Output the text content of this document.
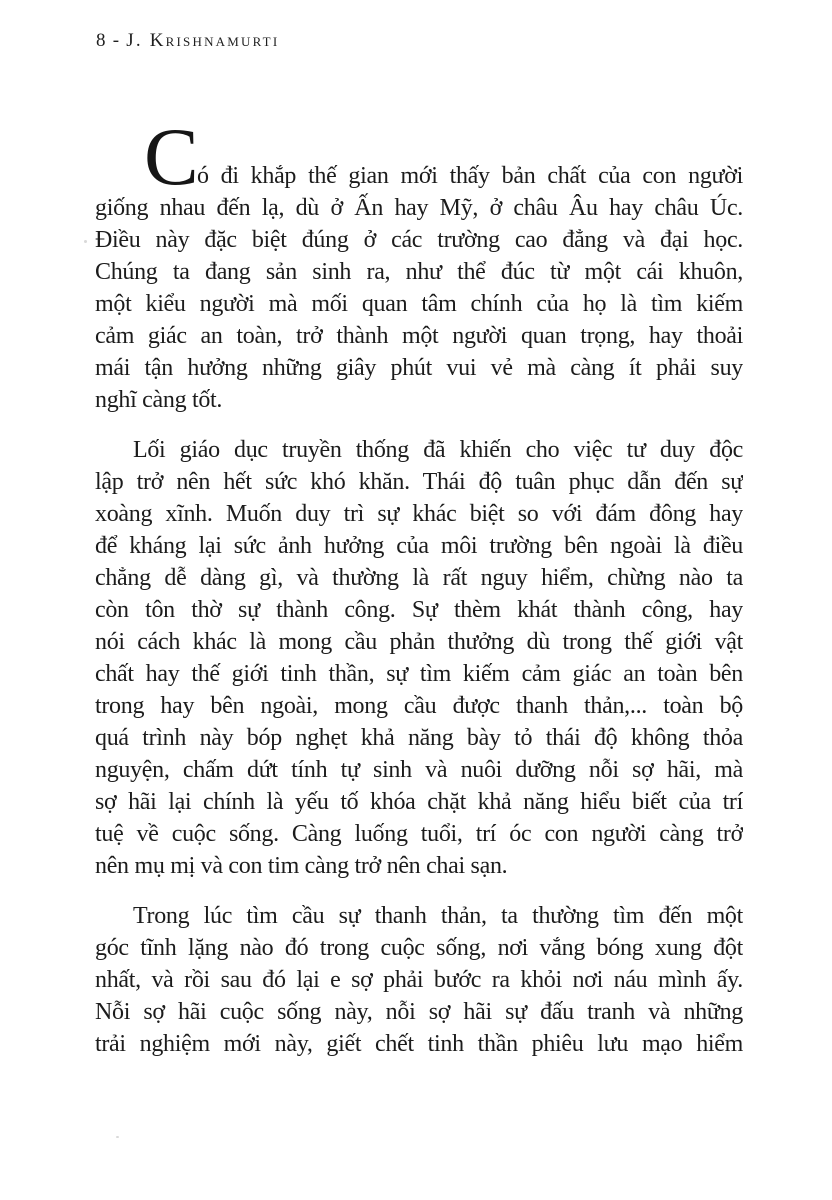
8 - J. Krishnamurti
C
ó đi khắp thế gian mới thấy bản chất của con người
giống nhau đến lạ, dù ở Ấn hay Mỹ, ở châu Âu hay châu Úc.
Điều này đặc biệt đúng ở các trường cao đẳng và đại học.
Chúng ta đang sản sinh ra, như thể đúc từ một cái khuôn,
một kiểu người mà mối quan tâm chính của họ là tìm kiếm
cảm giác an toàn, trở thành một người quan trọng, hay thoải
mái tận hưởng những giây phút vui vẻ mà càng ít phải suy
nghĩ càng tốt.
Lối giáo dục truyền thống đã khiến cho việc tư duy độc
lập trở nên hết sức khó khăn. Thái độ tuân phục dẫn đến sự
xoàng xĩnh. Muốn duy trì sự khác biệt so với đám đông hay
để kháng lại sức ảnh hưởng của môi trường bên ngoài là điều
chẳng dễ dàng gì, và thường là rất nguy hiểm, chừng nào ta
còn tôn thờ sự thành công. Sự thèm khát thành công, hay
nói cách khác là mong cầu phản thưởng dù trong thế giới vật
chất hay thế giới tinh thần, sự tìm kiếm cảm giác an toàn bên
trong hay bên ngoài, mong cầu được thanh thản,... toàn bộ
quá trình này bóp nghẹt khả năng bày tỏ thái độ không thỏa
nguyện, chấm dứt tính tự sinh và nuôi dưỡng nỗi sợ hãi, mà
sợ hãi lại chính là yếu tố khóa chặt khả năng hiểu biết của trí
tuệ về cuộc sống. Càng luống tuổi, trí óc con người càng trở
nên mụ mị và con tim càng trở nên chai sạn.
Trong lúc tìm cầu sự thanh thản, ta thường tìm đến một
góc tĩnh lặng nào đó trong cuộc sống, nơi vắng bóng xung đột
nhất, và rồi sau đó lại e sợ phải bước ra khỏi nơi náu mình ấy.
Nỗi sợ hãi cuộc sống này, nỗi sợ hãi sự đấu tranh và những
trải nghiệm mới này, giết chết tinh thần phiêu lưu mạo hiểm
